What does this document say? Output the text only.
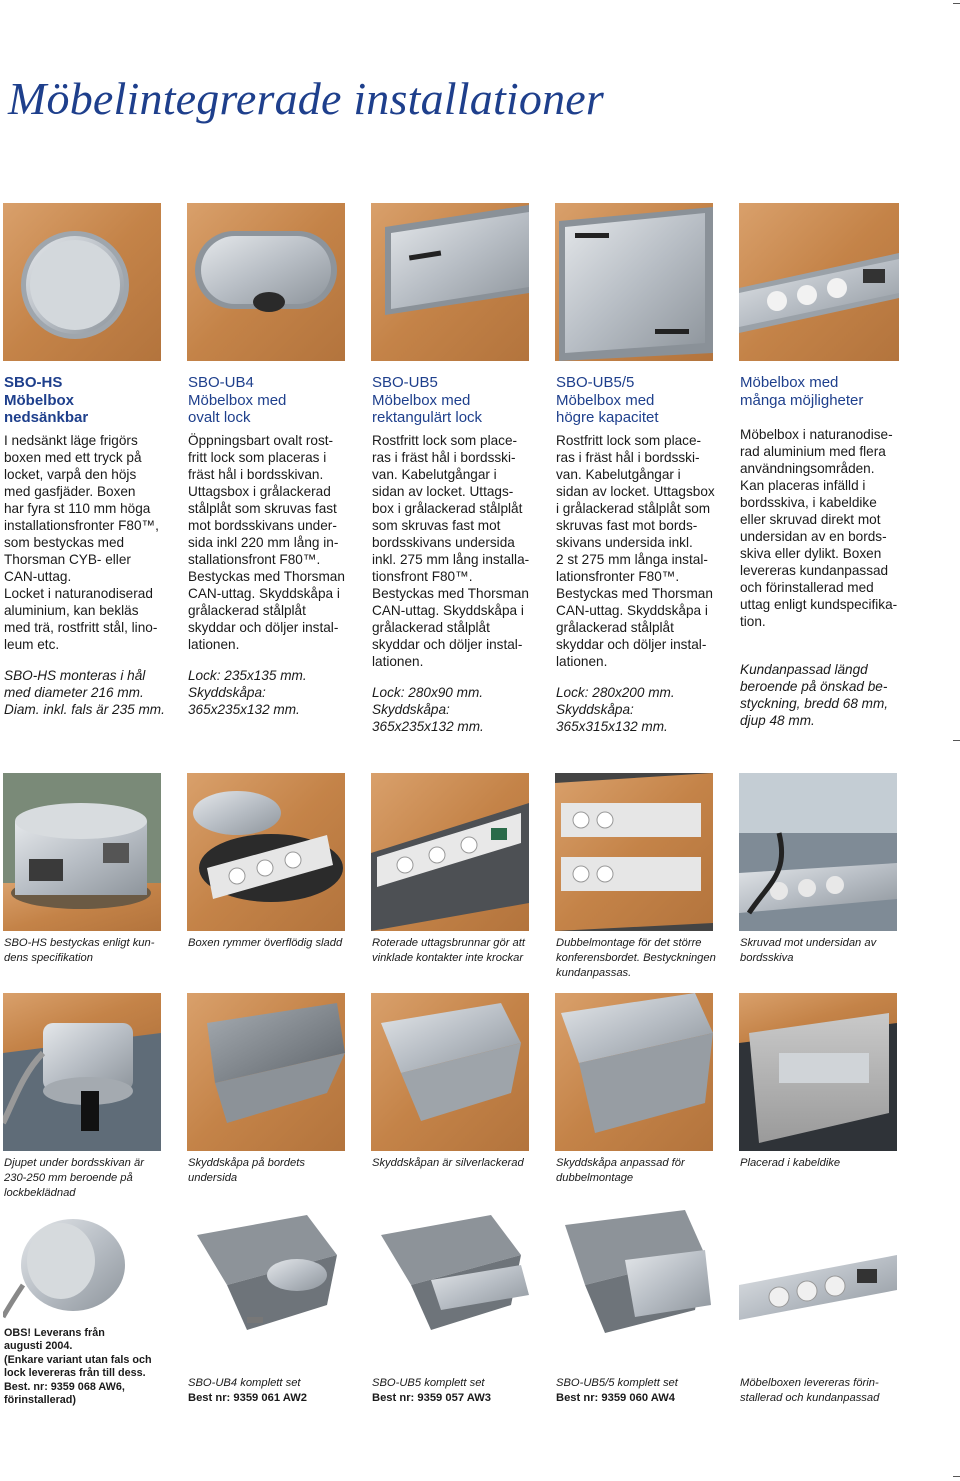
Möbelintegrerade installationer
SBO-HS
Möbelbox
nedsänkbar

I nedsänkt läge frigörs
boxen med ett tryck på
locket, varpå den höjs
med gasfjäder. Boxen
har fyra st 110 mm höga
installationsfronter F80™,
som bestyckas med
Thorsman CYB- eller
CAN-uttag.
Locket i naturanodiserad
aluminium, kan bekläs
med trä, rostfritt stål, lino-
leum etc.

SBO-HS monteras i hål
med diameter 216 mm.
Diam. inkl. fals är 235 mm.

SBO-UB4
Möbelbox med
ovalt lock

Öppningsbart ovalt rost-
fritt lock som placeras i
fräst hål i bordsskivan.
Uttagsbox i grålackerad
stålplåt som skruvas fast
mot bordsskivans under-
sida inkl 220 mm lång in-
stallationsfront F80™.
Bestyckas med Thorsman
CAN-uttag. Skyddskåpa i
grålackerad stålplåt
skyddar och döljer instal-
lationen.

Lock: 235x135 mm.
Skyddskåpa:
365x235x132 mm.

SBO-UB5
Möbelbox med
rektangulärt lock

Rostfritt lock som place-
ras i fräst hål i bordsski-
van. Kabelutgångar i
sidan av locket. Uttags-
box i grålackerad stålplåt
som skruvas fast mot
bordsskivans undersida
inkl. 275 mm lång installa-
tionsfront F80™.
Bestyckas med Thorsman
CAN-uttag. Skyddskåpa i
grålackerad stålplåt
skyddar och döljer instal-
lationen.

Lock: 280x90 mm.
Skyddskåpa:
365x235x132 mm.

SBO-UB5/5
Möbelbox med
högre kapacitet

Rostfritt lock som place-
ras i fräst hål i bordsski-
van. Kabelutgångar i
sidan av locket. Uttagsbox
i grålackerad stålplåt som
skruvas fast mot bords-
skivans undersida inkl.
2 st 275 mm långa instal-
lationsfronter F80™.
Bestyckas med Thorsman
CAN-uttag. Skyddskåpa i
grålackerad stålplåt
skyddar och döljer instal-
lationen.

Lock: 280x200 mm.
Skyddskåpa:
365x315x132 mm.

Möbelbox med
många möjligheter

Möbelbox i naturanodise-
rad aluminium med flera
användningsområden.
Kan placeras infälld i
bordsskiva, i kabeldike
eller skruvad direkt mot
undersidan av en bords-
skiva eller dylikt. Boxen
levereras kundanpassad
och förinstallerad med
uttag enligt kundspecifika-
tion.

Kundanpassad längd
beroende på önskad be-
styckning, bredd 68 mm,
djup 48 mm.

SBO-HS bestyckas enligt kun-
dens specifikation
Boxen rymmer överflödig sladd	Roterade uttagsbrunnar gör att
vinklade kontakter inte krockar
Dubbelmontage för det större
konferensbordet. Bestyckningen
kundanpassas.
Skruvad mot undersidan av
bordsskiva
Djupet under bordsskivan är
230-250 mm beroende på
lockbeklädnad
Skyddskåpa på bordets
undersida
Skyddskåpan är silverlackerad	Skyddskåpa anpassad för
dubbelmontage
Placerad i kabeldike
OBS! Leverans från
augusti 2004.
(Enkare variant utan fals och
lock levereras från till dess.
Best. nr: 9359 068 AW6,
förinstallerad)
SBO-UB4 komplett set

Best nr: 9359 061 AW2
SBO-UB5 komplett set

Best nr: 9359 057 AW3
SBO-UB5/5 komplett set

Best nr: 9359 060 AW4
Möbelboxen levereras förin-
stallerad och kundanpassad
